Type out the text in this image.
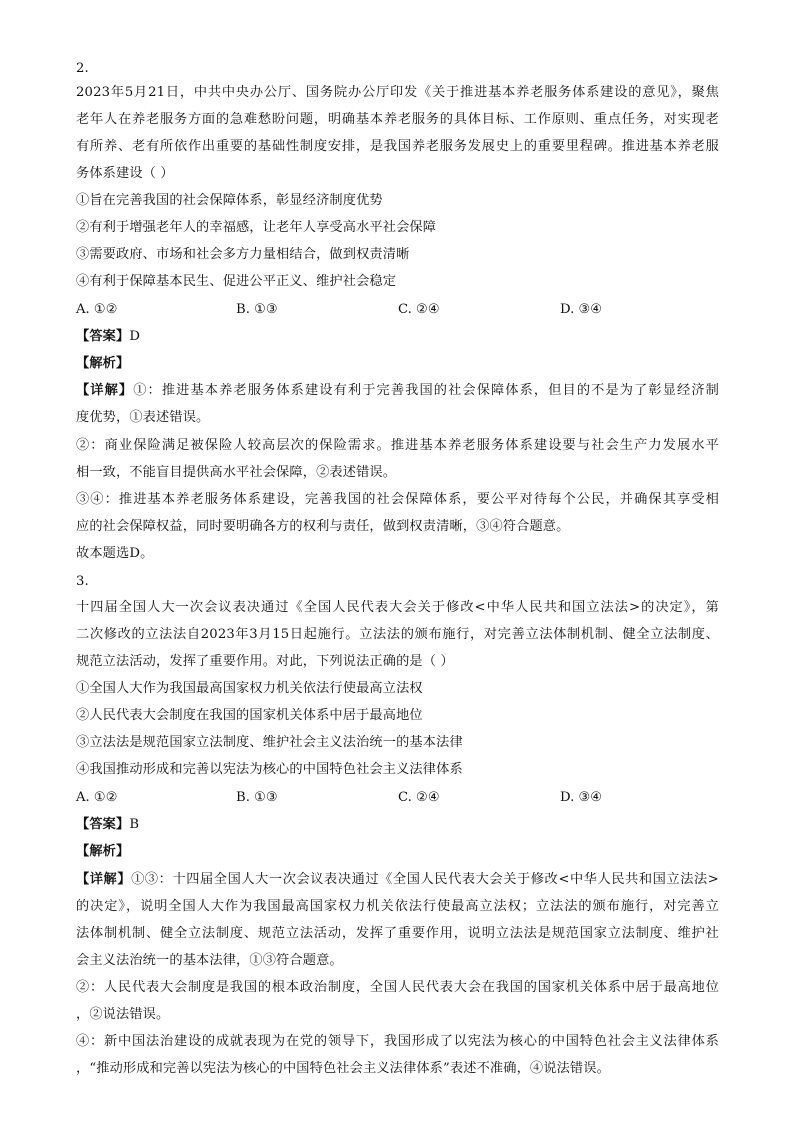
2.
2023年5月21日，中共中央办公厅、国务院办公厅印发《关于推进基本养老服务体系建设的意见》，聚焦
老年人在养老服务方面的急难愁盼问题，明确基本养老服务的具体目标、工作原则、重点任务，对实现老
有所养、老有所依作出重要的基础性制度安排，是我国养老服务发展史上的重要里程碑。推进基本养老服
务体系建设（ ）
①旨在完善我国的社会保障体系，彰显经济制度优势
②有利于增强老年人的幸福感，让老年人享受高水平社会保障
③需要政府、市场和社会多方力量相结合，做到权责清晰
④有利于保障基本民生、促进公平正义、维护社会稳定
A. ①②	B. ①③	C. ②④	D. ③④
【答案】D
【解析】
【详解】①：推进基本养老服务体系建设有利于完善我国的社会保障体系，但目的不是为了彰显经济制
度优势，①表述错误。
②：商业保险满足被保险人较高层次的保险需求。推进基本养老服务体系建设要与社会生产力发展水平
相一致，不能盲目提供高水平社会保障，②表述错误。
③④：推进基本养老服务体系建设，完善我国的社会保障体系，要公平对待每个公民，并确保其享受相
应的社会保障权益，同时要明确各方的权利与责任，做到权责清晰，③④符合题意。
故本题选D。
3.
十四届全国人大一次会议表决通过《全国人民代表大会关于修改<中华人民共和国立法法>的决定》，第
二次修改的立法法自2023年3月15日起施行。立法法的颁布施行，对完善立法体制机制、健全立法制度、
规范立法活动，发挥了重要作用。对此，下列说法正确的是（ ）
①全国人大作为我国最高国家权力机关依法行使最高立法权
②人民代表大会制度在我国的国家机关体系中居于最高地位
③立法法是规范国家立法制度、维护社会主义法治统一的基本法律
④我国推动形成和完善以宪法为核心的中国特色社会主义法律体系
A. ①②	B. ①③	C. ②④	D. ③④
【答案】B
【解析】
【详解】①③：十四届全国人大一次会议表决通过《全国人民代表大会关于修改<中华人民共和国立法法>
的决定》，说明全国人大作为我国最高国家权力机关依法行使最高立法权；立法法的颁布施行，对完善立
法体制机制、健全立法制度、规范立法活动，发挥了重要作用，说明立法法是规范国家立法制度、维护社
会主义法治统一的基本法律，①③符合题意。
②：人民代表大会制度是我国的根本政治制度，全国人民代表大会在我国的国家机关体系中居于最高地位
，②说法错误。
④：新中国法治建设的成就表现为在党的领导下，我国形成了以宪法为核心的中国特色社会主义法律体系
，“推动形成和完善以宪法为核心的中国特色社会主义法律体系”表述不准确，④说法错误。
